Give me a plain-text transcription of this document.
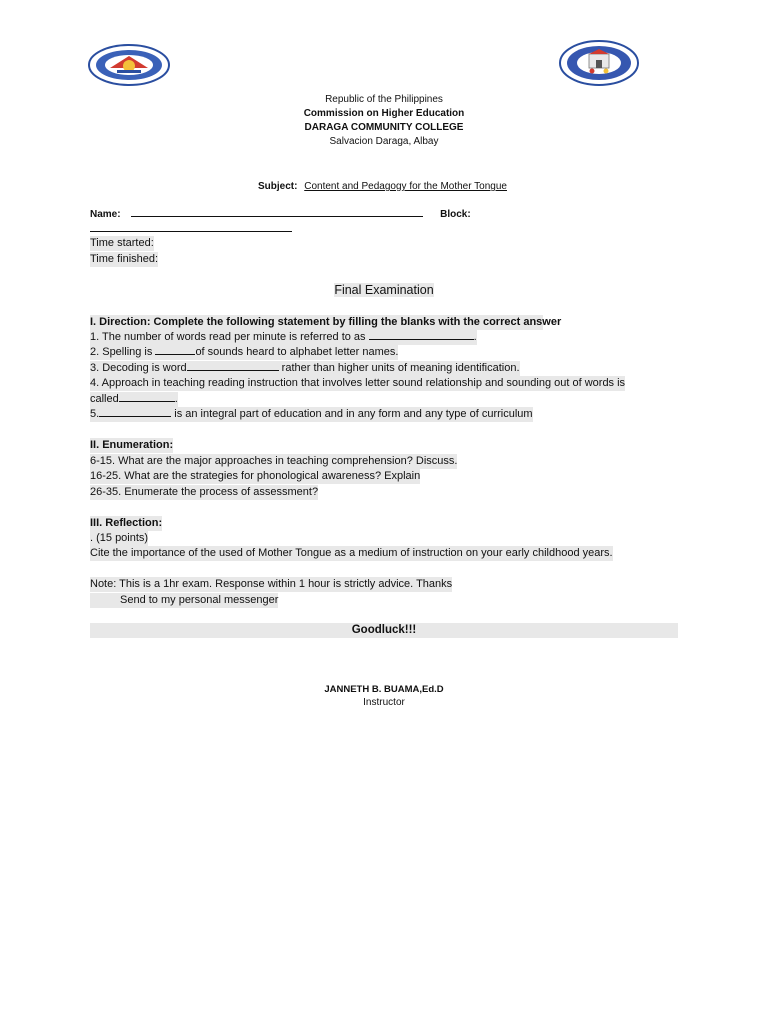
Republic of the Philippines
Commission on Higher Education
DARAGA COMMUNITY COLLEGE
Salvacion Daraga, Albay
Subject: Content and Pedagogy for the Mother Tongue
Name:	Block:
Time started:
Time finished:
Final Examination
I. Direction: Complete the following statement by filling the blanks with the correct answer
1. The number of words read per minute is referred to as	.
2. Spelling is	of sounds heard to alphabet letter names.
3. Decoding is word	rather than higher units of meaning identification.
4. Approach in teaching reading instruction that involves letter sound relationship and sounding out of words is
called	.
5.	is an integral part of education and in any form and any type of curriculum
II. Enumeration:
6-15. What are the major approaches in teaching comprehension? Discuss.
16-25. What are the strategies for phonological awareness? Explain
26-35. Enumerate the process of assessment?
III. Reflection:
. (15 points)
Cite the importance of the used of Mother Tongue as a medium of instruction on your early childhood years.
Note: This is a 1hr exam. Response within 1 hour is strictly advice. Thanks
Send to my personal messenger
Goodluck!!!
JANNETH B. BUAMA,Ed.D
Instructor
